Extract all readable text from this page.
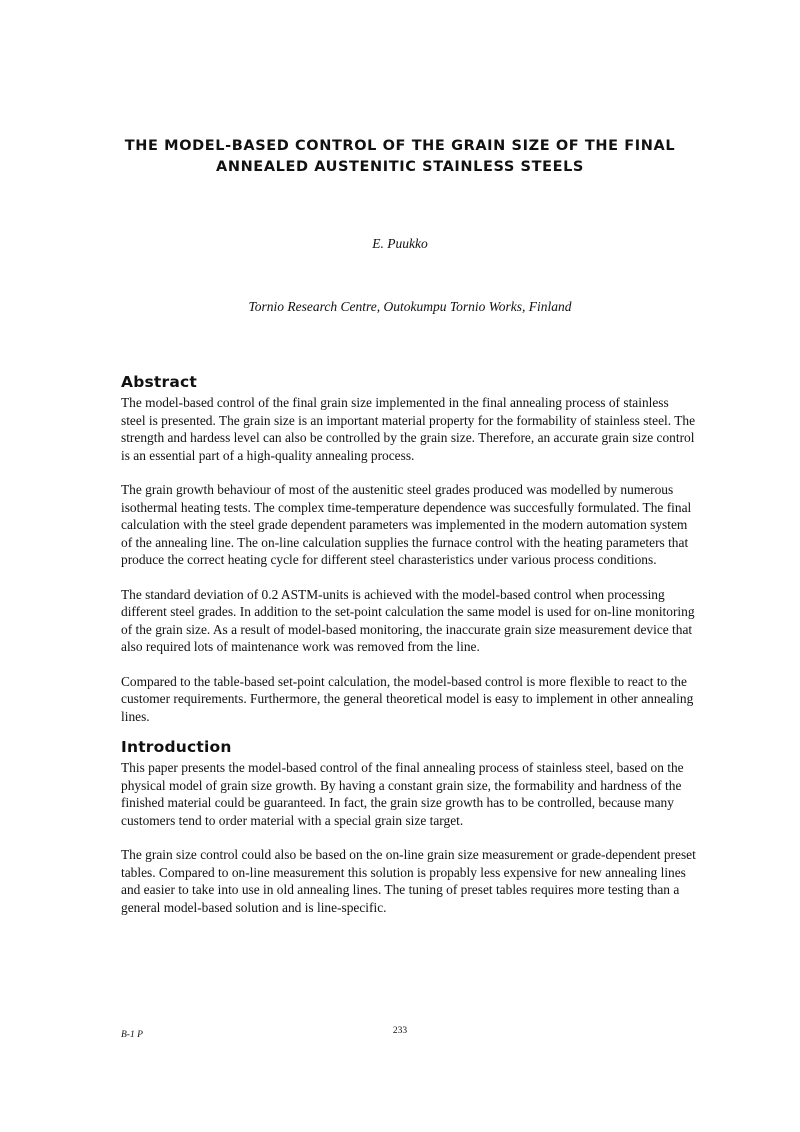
THE MODEL-BASED CONTROL OF THE GRAIN SIZE OF THE FINAL
ANNEALED AUSTENITIC STAINLESS STEELS

E. Puukko

Tornio Research Centre, Outokumpu Tornio Works, Finland

Abstract

The model-based control of the final grain size implemented in the final annealing process of stainless steel is presented. The grain size is an important material property for the formability of stainless steel. The strength and hardess level can also be controlled by the grain size. Therefore, an accurate grain size control is an essential part of a high-quality annealing process.

The grain growth behaviour of most of the austenitic steel grades produced was modelled by numerous isothermal heating tests. The complex time-temperature dependence was succesfully formulated. The final calculation with the steel grade dependent parameters was implemented in the modern automation system of the annealing line. The on-line calculation supplies the furnace control with the heating parameters that produce the correct heating cycle for different steel charasteristics under various process conditions.

The standard deviation of 0.2 ASTM-units is achieved with the model-based control when processing different steel grades. In addition to the set-point calculation the same model is used for on-line monitoring of the grain size. As a result of model-based monitoring, the inaccurate grain size measurement device that also required lots of maintenance work was removed from the line.

Compared to the table-based set-point calculation, the model-based control is more flexible to react to the customer requirements. Furthermore, the general theoretical model is easy to implement in other annealing lines.

Introduction

This paper presents the model-based control of the final annealing process of stainless steel, based on the physical model of grain size growth. By having a constant grain size, the formability and hardness of the finished material could be guaranteed. In fact, the grain size growth has to be controlled, because many customers tend to order material with a special grain size target.

The grain size control could also be based on the on-line grain size measurement or grade-dependent preset tables. Compared to on-line measurement this solution is propably less expensive for new annealing lines and easier to take into use in old annealing lines. The tuning of preset tables requires more testing than a general model-based solution and is line-specific.

B-1 P	233
